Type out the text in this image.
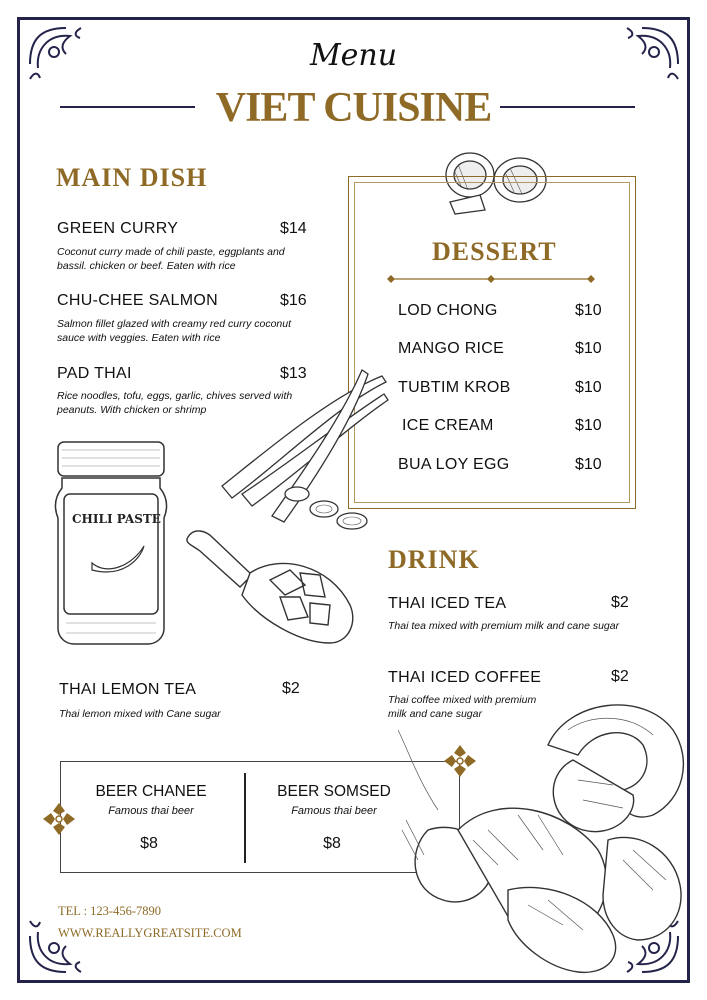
Menu
VIET CUISINE
MAIN DISH
GREEN CURRY	$14
Coconut curry made of chili paste, eggplants and
bassil. chicken or beef. Eaten with rice
CHU-CHEE SALMON	$16
Salmon fillet glazed with creamy red curry coconut
sauce with veggies. Eaten with rice
PAD THAI	$13
Rice noodles, tofu, eggs, garlic, chives served with
peanuts. With chicken or shrimp
DESSERT
LOD CHONG	$10
MANGO RICE	$10
TUBTIM KROB	$10
ICE CREAM	$10
BUA LOY EGG	$10
CHILI PASTE
DRINK
THAI ICED TEA	$2
Thai tea mixed with premium milk and cane sugar
THAI ICED COFFEE	$2
Thai coffee mixed with premium
milk and cane sugar
THAI LEMON TEA	$2
Thai lemon mixed with Cane sugar
BEER CHANEE
Famous thai beer
$8
BEER SOMSED
Famous thai beer
$8
TEL : 123-456-7890
WWW.REALLYGREATSITE.COM
